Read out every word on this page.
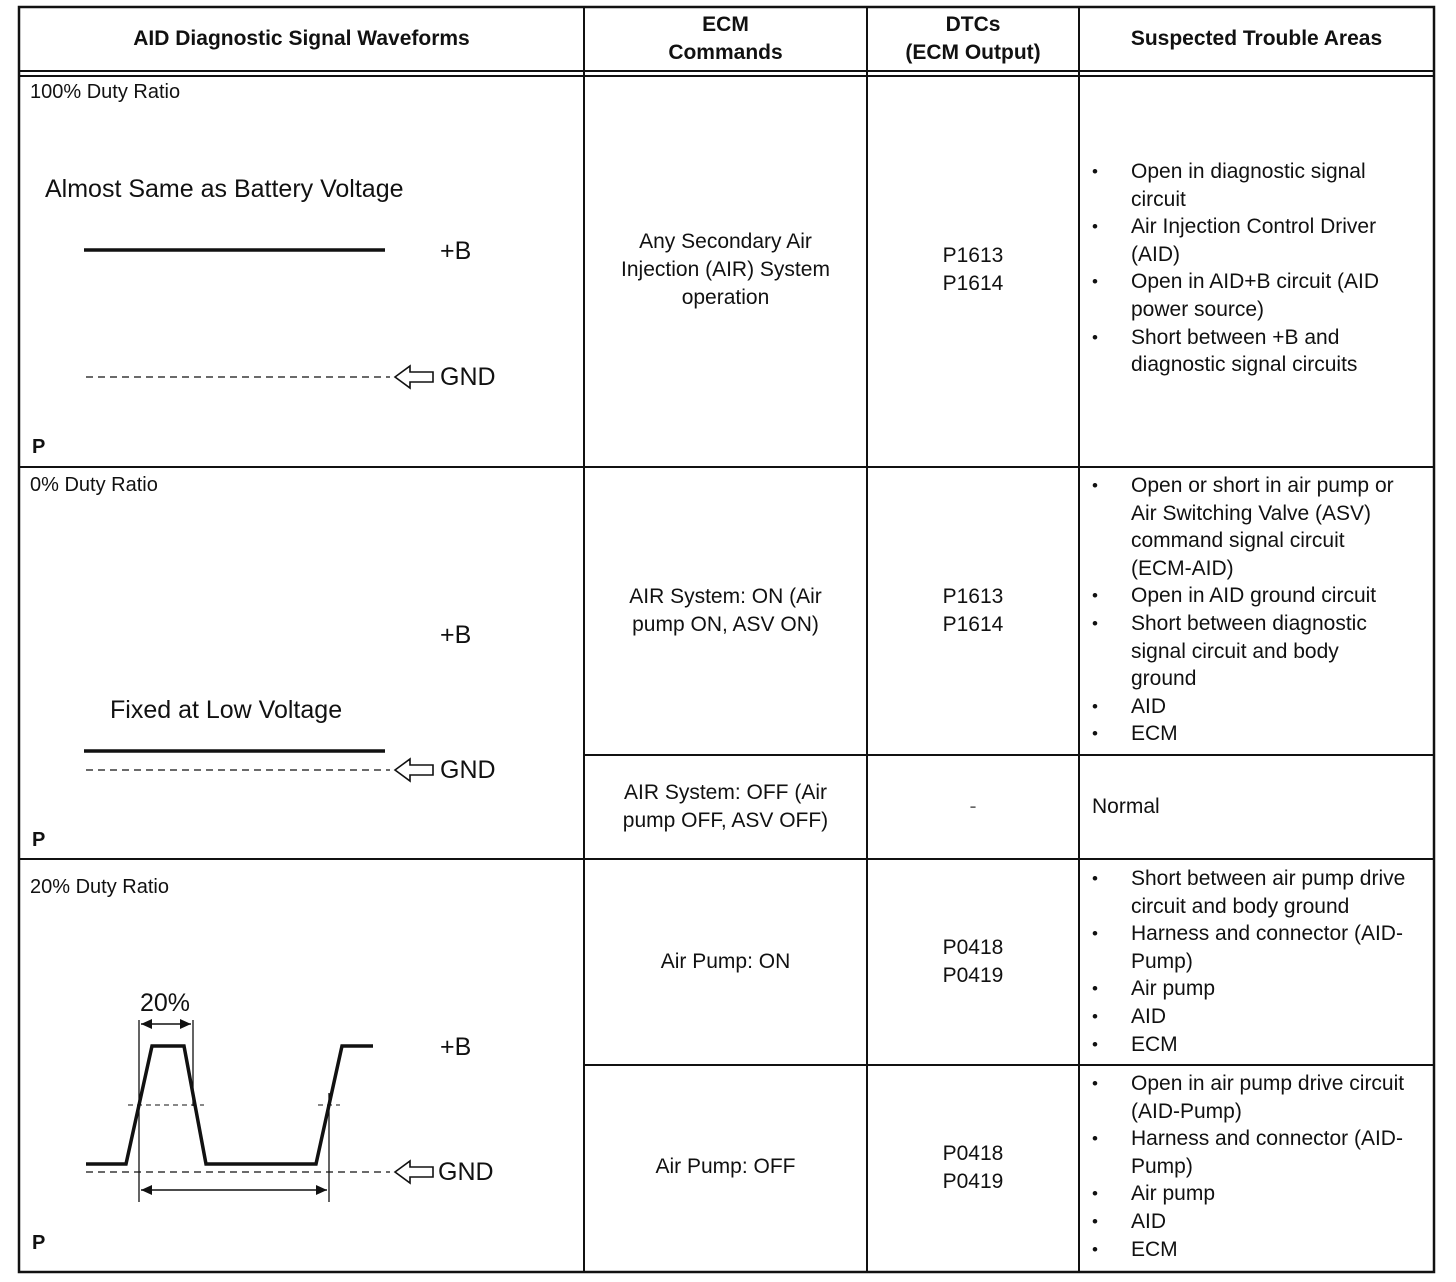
AID Diagnostic Signal Waveforms
ECM
Commands
DTCs
(ECM Output)
Suspected Trouble Areas
100% Duty Ratio
Almost Same as Battery Voltage
+B
GND
P
Any Secondary Air
Injection (AIR) System
operation
P1613
P1614
• Open in diagnostic signal
circuit
• Air Injection Control Driver
(AID)
• Open in AID+B circuit (AID
power source)
• Short between +B and
diagnostic signal circuits
0% Duty Ratio
+B
Fixed at Low Voltage
GND
P
AIR System: ON (Air
pump ON, ASV ON)
P1613
P1614
• Open or short in air pump or
Air Switching Valve (ASV)
command signal circuit
(ECM-AID)
• Open in AID ground circuit
• Short between diagnostic
signal circuit and body
ground
• AID
• ECM
AIR System: OFF (Air
pump OFF, ASV OFF)
-	Normal
20% Duty Ratio
20%
+B
GND
P
Air Pump: ON
P0418
P0419
• Short between air pump drive
circuit and body ground
• Harness and connector (AID-
Pump)
• Air pump
• AID
• ECM
Air Pump: OFF
P0418
P0419
• Open in air pump drive circuit
(AID-Pump)
• Harness and connector (AID-
Pump)
• Air pump
• AID
• ECM
